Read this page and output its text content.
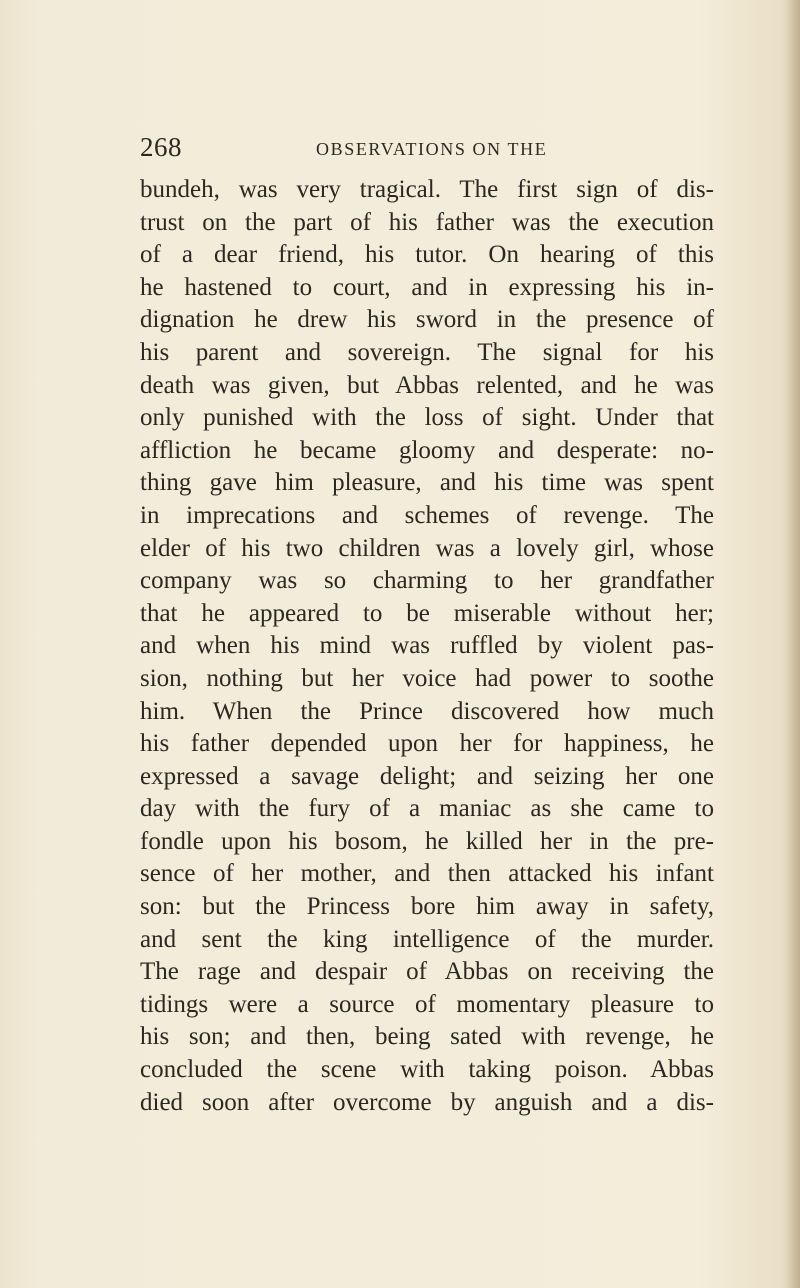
268	OBSERVATIONS ON THE
bundeh, was very tragical. The first sign of dis-
trust on the part of his father was the execution
of a dear friend, his tutor. On hearing of this
he hastened to court, and in expressing his in-
dignation he drew his sword in the presence of
his parent and sovereign. The signal for his
death was given, but Abbas relented, and he was
only punished with the loss of sight. Under that
affliction he became gloomy and desperate: no-
thing gave him pleasure, and his time was spent
in imprecations and schemes of revenge. The
elder of his two children was a lovely girl, whose
company was so charming to her grandfather
that he appeared to be miserable without her;
and when his mind was ruffled by violent pas-
sion, nothing but her voice had power to soothe
him. When the Prince discovered how much
his father depended upon her for happiness, he
expressed a savage delight; and seizing her one
day with the fury of a maniac as she came to
fondle upon his bosom, he killed her in the pre-
sence of her mother, and then attacked his infant
son: but the Princess bore him away in safety,
and sent the king intelligence of the murder.
The rage and despair of Abbas on receiving the
tidings were a source of momentary pleasure to
his son; and then, being sated with revenge, he
concluded the scene with taking poison. Abbas
died soon after overcome by anguish and a dis-
